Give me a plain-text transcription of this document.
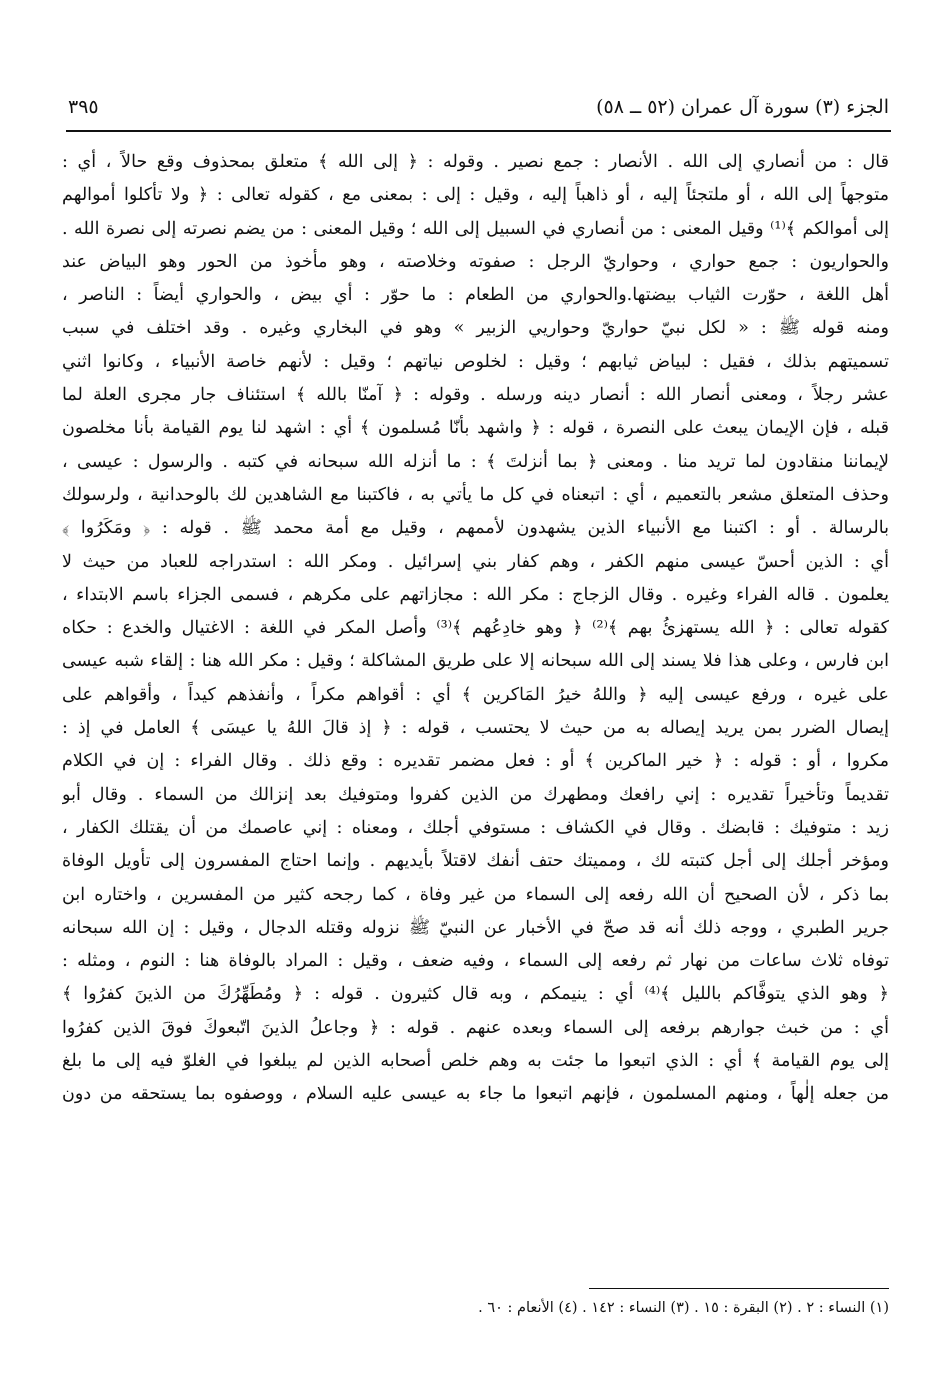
الجزء (٣) سورة آل عمران (٥٢ ــ ٥٨)
٣٩٥
قال : من أنصاري إلى الله . الأنصار : جمع نصير . وقوله : ﴿ إلى الله ﴾ متعلق بمحذوف وقع حالاً ، أي :
متوجهاً إلى الله ، أو ملتجئاً إليه ، أو ذاهباً إليه ، وقيل : إلى : بمعنى مع ، كقوله تعالى : ﴿ ولا تأكلوا أموالهم
إلى أموالكم ﴾⁽¹⁾ وقيل المعنى : من أنصاري في السبيل إلى الله ؛ وقيل المعنى : من يضم نصرته إلى نصرة الله .
والحواريون : جمع حواري ، وحواريّ الرجل : صفوته وخلاصته ، وهو مأخوذ من الحور وهو البياض عند
أهل اللغة ، حوّرت الثياب بيضتها.والحواري من الطعام : ما حوّر : أي بيض ، والحواري أيضاً : الناصر ،
ومنه قوله ﷺ : « لكل نبيّ حواريّ وحواريي الزبير » وهو في البخاري وغيره . وقد اختلف في سبب
تسميتهم بذلك ، فقيل : لبياض ثيابهم ؛ وقيل : لخلوص نياتهم ؛ وقيل : لأنهم خاصة الأنبياء ، وكانوا اثني
عشر رجلاً ، ومعنى أنصار الله : أنصار دينه ورسله . وقوله : ﴿ آمنّا بالله ﴾ استئناف جار مجرى العلة لما
قبله ، فإن الإيمان يبعث على النصرة ، قوله : ﴿ واشهد بأنّا مُسلمون ﴾ أي : اشهد لنا يوم القيامة بأنا مخلصون
لإيماننا منقادون لما تريد منا . ومعنى ﴿ بما أنزلتَ ﴾ : ما أنزله الله سبحانه في كتبه . والرسول : عيسى ،
وحذف المتعلق مشعر بالتعميم ، أي : اتبعناه في كل ما يأتي به ، فاكتبنا مع الشاهدين لك بالوحدانية ، ولرسولك
بالرسالة . أو : اكتبنا مع الأنبياء الذين يشهدون لأممهم ، وقيل مع أمة محمد ﷺ . قوله : ﴿ ومَكَرُوا ﴾
أي : الذين أحسّ عيسى منهم الكفر ، وهم كفار بني إسرائيل . ومكر الله : استدراجه للعباد من حيث لا
يعلمون . قاله الفراء وغيره . وقال الزجاج : مكر الله : مجازاتهم على مكرهم ، فسمى الجزاء باسم الابتداء ،
كقوله تعالى : ﴿ الله يستهزئُ بهم ﴾⁽²⁾ ﴿ وهو خادِعُهم ﴾⁽³⁾ وأصل المكر في اللغة : الاغتيال والخدع : حكاه
ابن فارس ، وعلى هذا فلا يسند إلى الله سبحانه إلا على طريق المشاكلة ؛ وقيل : مكر الله هنا : إلقاء شبه عيسى
على غيره ، ورفع عيسى إليه ﴿ واللهُ خيرُ المَاكرين ﴾ أي : أقواهم مكراً ، وأنفذهم كيداً ، وأقواهم على
إيصال الضرر بمن يريد إيصاله به من حيث لا يحتسب ، قوله : ﴿ إذ قالَ اللهُ يا عيسَى ﴾ العامل في إذ :
مكروا ، أو : قوله : ﴿ خير الماكرين ﴾ أو : فعل مضمر تقديره : وقع ذلك . وقال الفراء : إن في الكلام
تقديماً وتأخيراً تقديره : إني رافعك ومطهرك من الذين كفروا ومتوفيك بعد إنزالك من السماء . وقال أبو
زيد : متوفيك : قابضك . وقال في الكشاف : مستوفي أجلك ، ومعناه : إني عاصمك من أن يقتلك الكفار ،
ومؤخر أجلك إلى أجل كتبته لك ، ومميتك حتف أنفك لاقتلاً بأيديهم . وإنما احتاج المفسرون إلى تأويل الوفاة
بما ذكر ، لأن الصحيح أن الله رفعه إلى السماء من غير وفاة ، كما رجحه كثير من المفسرين ، واختاره ابن
جرير الطبري ، ووجه ذلك أنه قد صحّ في الأخبار عن النبيّ ﷺ نزوله وقتله الدجال ، وقيل : إن الله سبحانه
توفاه ثلاث ساعات من نهار ثم رفعه إلى السماء ، وفيه ضعف ، وقيل : المراد بالوفاة هنا : النوم ، ومثله :
﴿ وهو الذي يتوفَّاكم بالليل ﴾⁽⁴⁾ أي : ينيمكم ، وبه قال كثيرون . قوله : ﴿ ومُطَهِّرُكَ من الذينَ كفرُوا ﴾
أي : من خبث جوارهم برفعه إلى السماء وبعده عنهم . قوله : ﴿ وجاعلُ الذينَ اتّبعوكَ فوقَ الذين كفرُوا
إلى يوم القيامة ﴾ أي : الذي اتبعوا ما جئت به وهم خلص أصحابه الذين لم يبلغوا في الغلوّ فيه إلى ما بلغ
من جعله إلٰهاً ، ومنهم المسلمون ، فإنهم اتبعوا ما جاء به عيسى عليه السلام ، ووصفوه بما يستحقه من دون
(١) النساء : ٢ . (٢) البقرة : ١٥ . (٣) النساء : ١٤٢ . (٤) الأنعام : ٦٠ .
